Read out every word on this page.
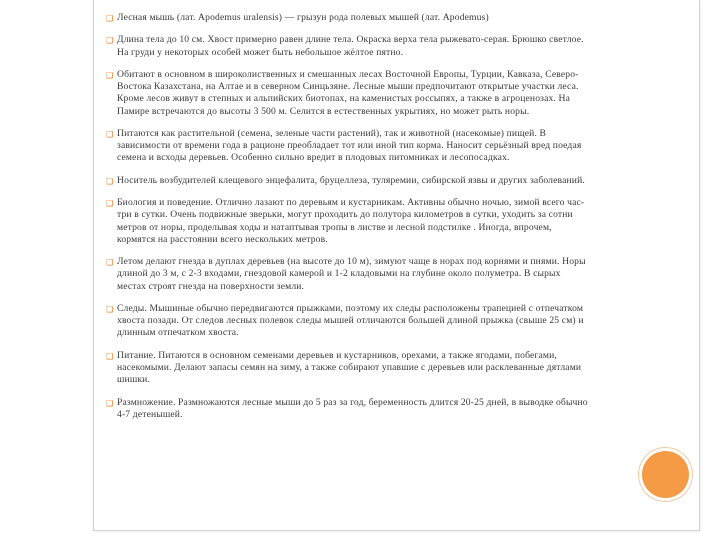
❑ Лесная мышь (лат. Apodemus uralensis) — грызун рода полевых мышей (лат. Apodemus)
❑ Длина тела до 10 см. Хвост примерно равен длине тела. Окраска верха тела рыжевато-серая. Брюшко светлое. На груди у некоторых особей может быть небольшое жёлтое пятно.
❑ Обитают в основном в широколиственных и смешанных лесах Восточной Европы, Турции, Кавказа, Северо-Востока Казахстана, на Алтае и в северном Синцьзяне. Лесные мыши предпочитают открытые участки леса. Кроме лесов живут в степных и альпийских биотопах, на каменистых россыпях, а также в агроценозах. На Памире встречаются до высоты 3 500 м. Селится в естественных укрытиях, но может рыть норы.
❑ Питаются как растительной (семена, зеленые части растений), так и животной (насекомые) пищей. В зависимости от времени года в рационе преобладает тот или иной тип корма. Наносит серьёзный вред поедая семена и всходы деревьев. Особенно сильно вредит в плодовых питомниках и лесопосадках.
❑ Носитель возбудителей клещевого энцефалита, бруцеллеза, туляремии, сибирской язвы и других заболеваний.
❑ Биология и поведение. Отлично лазают по деревьям и кустарникам. Активны обычно ночью, зимой всего час-три в сутки. Очень подвижные зверьки, могут проходить до полутора километров в сутки, уходить за сотни метров от норы, проделывая ходы и натаптывая тропы в листве и лесной подстилке . Иногда, впрочем, кормятся на расстоянии всего нескольких метров.
❑ Летом делают гнезда в дуплах деревьев (на высоте до 10 м), зимуют чаще в норах под корнями и пнями. Норы длиной до 3 м, с 2-3 входами, гнездовой камерой и 1-2 кладовыми на глубине около полуметра. В сырых местах строят гнезда на поверхности земли.
❑ Следы. Мышиные обычно передвигаются прыжками, поэтому их следы расположены трапецией с отпечатком хвоста позади. От следов лесных полевок следы мышей отличаются большей длиной прыжка (свыше 25 см) и длинным отпечатком хвоста.
❑ Питание. Питаются в основном семенами деревьев и кустарников, орехами, а также ягодами, побегами, насекомыми. Делают запасы семян на зиму, а также собирают упавшие с деревьев или расклеванные дятлами шишки.
❑ Размножение. Размножаются лесные мыши до 5 раз за год, беременность длится 20-25 дней, в выводке обычно 4-7 детенышей.
